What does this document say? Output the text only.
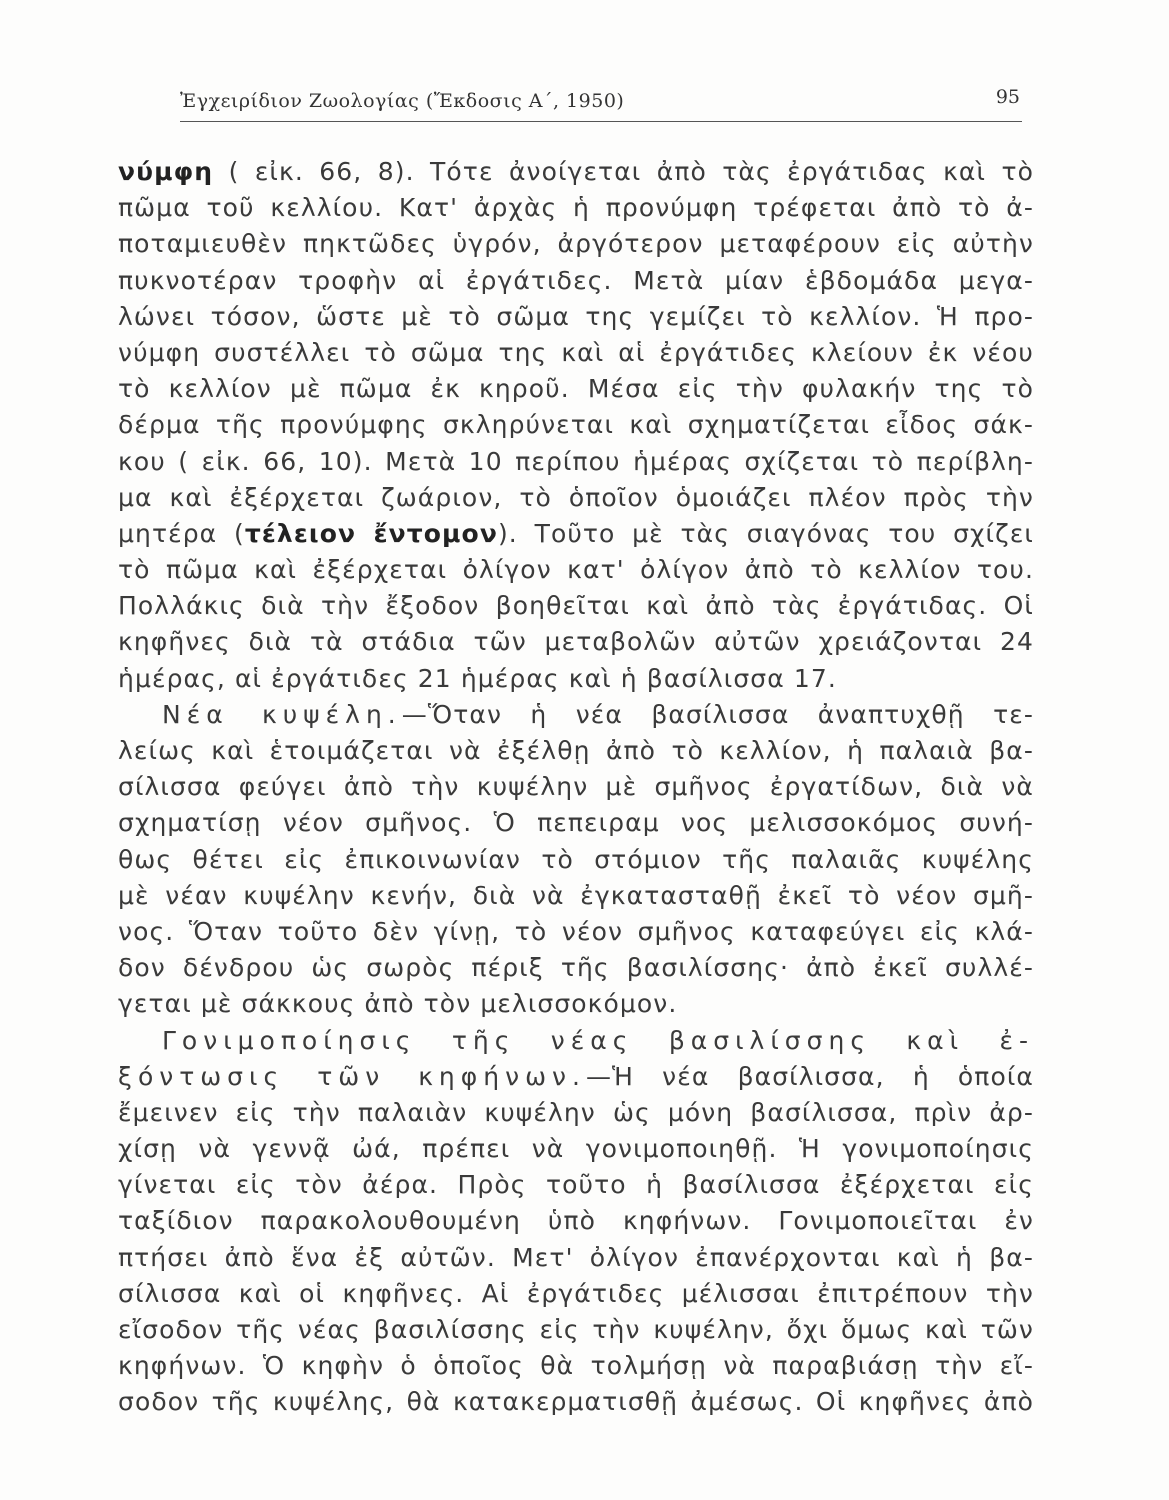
Ἐγχειρίδιον Ζωολογίας (Ἔκδοσις Α΄, 1950)	95
νύμφη ( εἰκ. 66, 8). Τότε ἀνοίγεται ἀπὸ τὰς ἐργάτιδας καὶ τὸ
πῶμα τοῦ κελλίου. Κατ' ἀρχὰς ἡ προνύμφη τρέφεται ἀπὸ τὸ ἀ-
ποταμιευθὲν πηκτῶδες ὑγρόν, ἀργότερον μεταφέρουν εἰς αὐτὴν
πυκνοτέραν τροφὴν αἱ ἐργάτιδες. Μετὰ μίαν ἑβδομάδα μεγα-
λώνει τόσον, ὥστε μὲ τὸ σῶμα της γεμίζει τὸ κελλίον. Ἡ προ-
νύμφη συστέλλει τὸ σῶμα της καὶ αἱ ἐργάτιδες κλείουν ἐκ νέου
τὸ κελλίον μὲ πῶμα ἐκ κηροῦ. Μέσα εἰς τὴν φυλακήν της τὸ
δέρμα τῆς προνύμφης σκληρύνεται καὶ σχηματίζεται εἶδος σάκ-
κου ( εἰκ. 66, 10). Μετὰ 10 περίπου ἡμέρας σχίζεται τὸ περίβλη-
μα καὶ ἐξέρχεται ζωάριον, τὸ ὁποῖον ὁμοιάζει πλέον πρὸς τὴν
μητέρα (τέλειον ἔντομον). Τοῦτο μὲ τὰς σιαγόνας του σχίζει
τὸ πῶμα καὶ ἐξέρχεται ὀλίγον κατ' ὀλίγον ἀπὸ τὸ κελλίον του.
Πολλάκις διὰ τὴν ἔξοδον βοηθεῖται καὶ ἀπὸ τὰς ἐργάτιδας. Οἱ
κηφῆνες διὰ τὰ στάδια τῶν μεταβολῶν αὐτῶν χρειάζονται 24
ἡμέρας, αἱ ἐργάτιδες 21 ἡμέρας καὶ ἡ βασίλισσα 17.
Νέα κυψέλη.—Ὅταν ἡ νέα βασίλισσα ἀναπτυχθῇ τε-
λείως καὶ ἑτοιμάζεται νὰ ἐξέλθῃ ἀπὸ τὸ κελλίον, ἡ παλαιὰ βα-
σίλισσα φεύγει ἀπὸ τὴν κυψέλην μὲ σμῆνος ἐργατίδων, διὰ νὰ
σχηματίσῃ νέον σμῆνος. Ὁ πεπειραμ νος μελισσοκόμος συνή-
θως θέτει εἰς ἐπικοινωνίαν τὸ στόμιον τῆς παλαιᾶς κυψέλης
μὲ νέαν κυψέλην κενήν, διὰ νὰ ἐγκατασταθῇ ἐκεῖ τὸ νέον σμῆ-
νος. Ὅταν τοῦτο δὲν γίνῃ, τὸ νέον σμῆνος καταφεύγει εἰς κλά-
δον δένδρου ὡς σωρὸς πέριξ τῆς βασιλίσσης· ἀπὸ ἐκεῖ συλλέ-
γεται μὲ σάκκους ἀπὸ τὸν μελισσοκόμον.
Γονιμοποίησις τῆς νέας βασιλίσσης καὶ ἐ-
ξόντωσις τῶν κηφήνων.—Ἡ νέα βασίλισσα, ἡ ὁποία
ἔμεινεν εἰς τὴν παλαιὰν κυψέλην ὡς μόνη βασίλισσα, πρὶν ἀρ-
χίσῃ νὰ γεννᾷ ὠά, πρέπει νὰ γονιμοποιηθῇ. Ἡ γονιμοποίησις
γίνεται εἰς τὸν ἀέρα. Πρὸς τοῦτο ἡ βασίλισσα ἐξέρχεται εἰς
ταξίδιον παρακολουθουμένη ὑπὸ κηφήνων. Γονιμοποιεῖται ἐν
πτήσει ἀπὸ ἕνα ἐξ αὐτῶν. Μετ' ὀλίγον ἐπανέρχονται καὶ ἡ βα-
σίλισσα καὶ οἱ κηφῆνες. Αἱ ἐργάτιδες μέλισσαι ἐπιτρέπουν τὴν
εἴσοδον τῆς νέας βασιλίσσης εἰς τὴν κυψέλην, ὄχι ὅμως καὶ τῶν
κηφήνων. Ὁ κηφὴν ὁ ὁποῖος θὰ τολμήσῃ νὰ παραβιάσῃ τὴν εἴ-
σοδον τῆς κυψέλης, θὰ κατακερματισθῇ ἀμέσως. Οἱ κηφῆνες ἀπὸ
